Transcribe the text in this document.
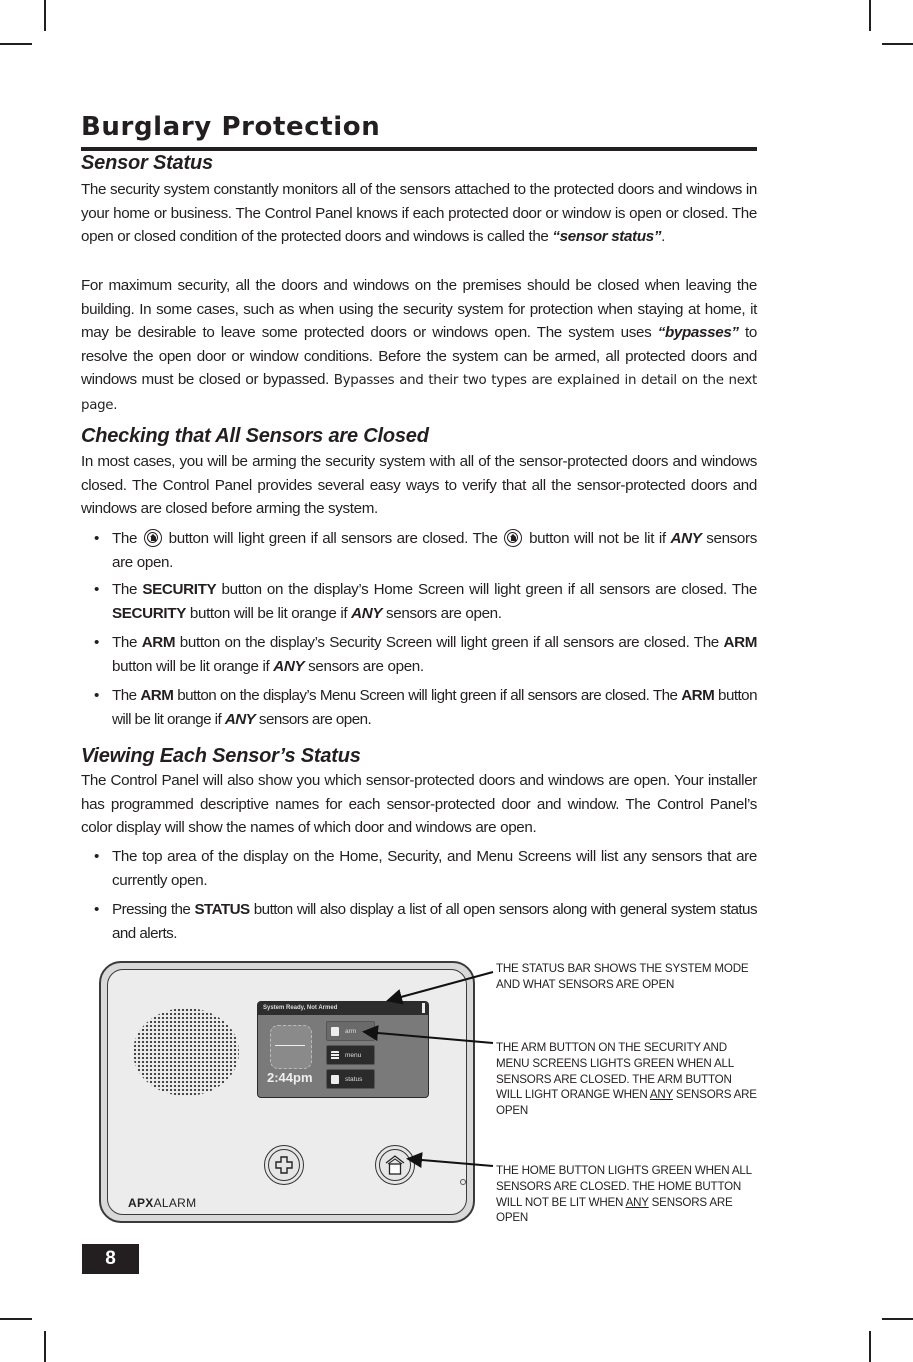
Burglary Protection
Sensor Status

The security system constantly monitors all of the sensors attached to the protected doors and windows in your home or business. The Control Panel knows if each protected door or window is open or closed. The open or closed condition of the protected doors and windows is called the “sensor status”.

For maximum security, all the doors and windows on the premises should be closed when leaving the building. In some cases, such as when using the security system for protection when staying at home, it may be desirable to leave some protected doors or windows open. The system uses “bypasses” to resolve the open door or window conditions. Before the system can be armed, all protected doors and windows must be closed or bypassed. Bypasses and their two types are explained in detail on the next page.

Checking that All Sensors are Closed

In most cases, you will be arming the security system with all of the sensor-protected doors and windows closed. The Control Panel provides several easy ways to verify that all the sensor-protected doors and windows are closed before arming the system.

• The
button will light green if all sensors are closed. The
button will not be lit if ANY sensors are open.

• The SECURITY button on the display’s Home Screen will light green if all sensors are closed. The SECURITY button will be lit orange if ANY sensors are open.

• The ARM button on the display’s Security Screen will light green if all sensors are closed. The ARM button will be lit orange if ANY sensors are open.

• The ARM button on the display’s Menu Screen will light green if all sensors are closed. The ARM button will be lit orange if ANY sensors are open.

Viewing Each Sensor’s Status

The Control Panel will also show you which sensor-protected doors and windows are open. Your installer has programmed descriptive names for each sensor-protected door and window. The Control Panel’s color display will show the names of which door and windows are open.

• The top area of the display on the Home, Security, and Menu Screens will list any sensors that are currently open.

• Pressing the STATUS button will also display a list of all open sensors along with general system status and alerts.

System Ready, Not Armed
2:44pm
arm
menu
status
APXALARM
THE STATUS BAR SHOWS THE SYSTEM MODE AND WHAT SENSORS ARE OPEN
THE ARM BUTTON ON THE SECURITY AND MENU SCREENS LIGHTS GREEN WHEN ALL SENSORS ARE CLOSED. THE ARM BUTTON WILL LIGHT ORANGE WHEN ANY SENSORS ARE OPEN
THE HOME BUTTON LIGHTS GREEN WHEN ALL SENSORS ARE CLOSED. THE HOME BUTTON WILL NOT BE LIT WHEN ANY SENSORS ARE OPEN
8
